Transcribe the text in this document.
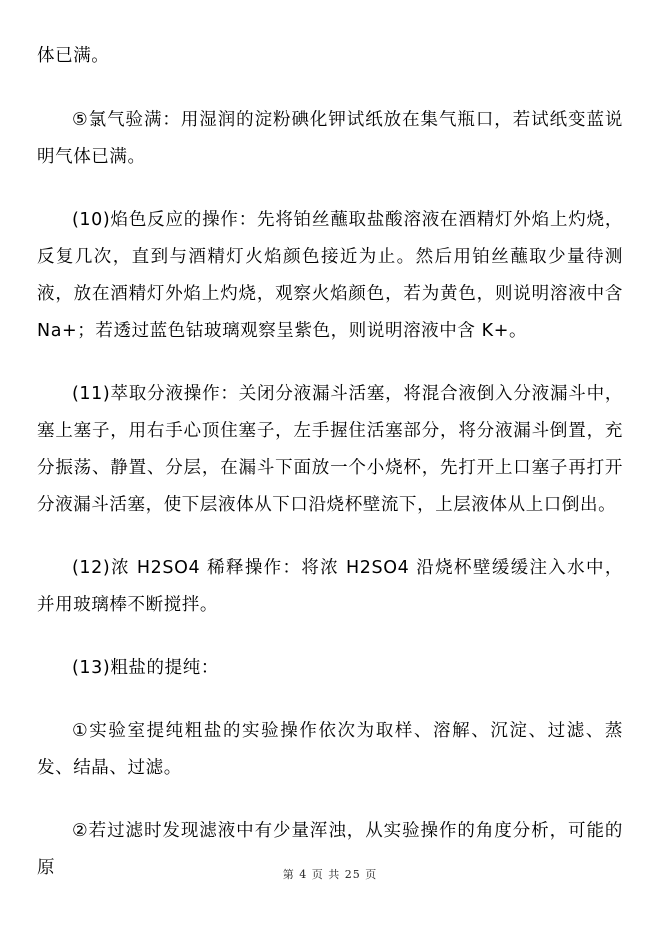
体已满。

⑤氯气验满：用湿润的淀粉碘化钾试纸放在集气瓶口，若试纸变蓝说明气体已满。

(10)焰色反应的操作：先将铂丝蘸取盐酸溶液在酒精灯外焰上灼烧，反复几次，直到与酒精灯火焰颜色接近为止。然后用铂丝蘸取少量待测液，放在酒精灯外焰上灼烧，观察火焰颜色，若为黄色，则说明溶液中含 Na+；若透过蓝色钴玻璃观察呈紫色，则说明溶液中含 K+。

(11)萃取分液操作：关闭分液漏斗活塞，将混合液倒入分液漏斗中，塞上塞子，用右手心顶住塞子，左手握住活塞部分，将分液漏斗倒置，充分振荡、静置、分层，在漏斗下面放一个小烧杯，先打开上口塞子再打开分液漏斗活塞，使下层液体从下口沿烧杯壁流下，上层液体从上口倒出。

(12)浓 H2SO4 稀释操作：将浓 H2SO4 沿烧杯壁缓缓注入水中，并用玻璃棒不断搅拌。

(13)粗盐的提纯：

①实验室提纯粗盐的实验操作依次为取样、溶解、沉淀、过滤、蒸发、结晶、过滤。

②若过滤时发现滤液中有少量浑浊，从实验操作的角度分析，可能的原	第 4 页 共 25 页
